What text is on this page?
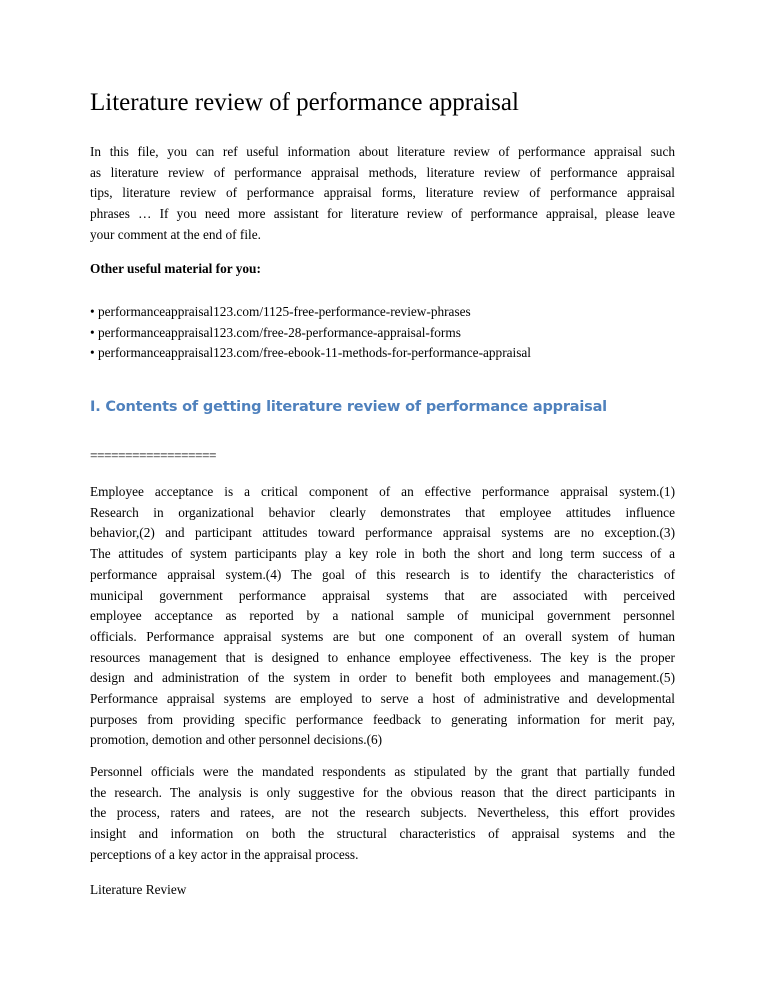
Literature review of performance appraisal
In this file, you can ref useful information about literature review of performance appraisal such
as literature review of performance appraisal methods, literature review of performance appraisal
tips, literature review of performance appraisal forms, literature review of performance appraisal
phrases … If you need more assistant for literature review of performance appraisal, please leave
your comment at the end of file.

Other useful material for you:

• performanceappraisal123.com/1125-free-performance-review-phrases
• performanceappraisal123.com/free-28-performance-appraisal-forms
• performanceappraisal123.com/free-ebook-11-methods-for-performance-appraisal
I. Contents of getting literature review of performance appraisal

==================

Employee acceptance is a critical component of an effective performance appraisal system.(1)
Research in organizational behavior clearly demonstrates that employee attitudes influence
behavior,(2) and participant attitudes toward performance appraisal systems are no exception.(3)
The attitudes of system participants play a key role in both the short and long term success of a
performance appraisal system.(4) The goal of this research is to identify the characteristics of
municipal government performance appraisal systems that are associated with perceived
employee acceptance as reported by a national sample of municipal government personnel
officials. Performance appraisal systems are but one component of an overall system of human
resources management that is designed to enhance employee effectiveness. The key is the proper
design and administration of the system in order to benefit both employees and management.(5)
Performance appraisal systems are employed to serve a host of administrative and developmental
purposes from providing specific performance feedback to generating information for merit pay,
promotion, demotion and other personnel decisions.(6)
Personnel officials were the mandated respondents as stipulated by the grant that partially funded
the research. The analysis is only suggestive for the obvious reason that the direct participants in
the process, raters and ratees, are not the research subjects. Nevertheless, this effort provides
insight and information on both the structural characteristics of appraisal systems and the
perceptions of a key actor in the appraisal process.

Literature Review
